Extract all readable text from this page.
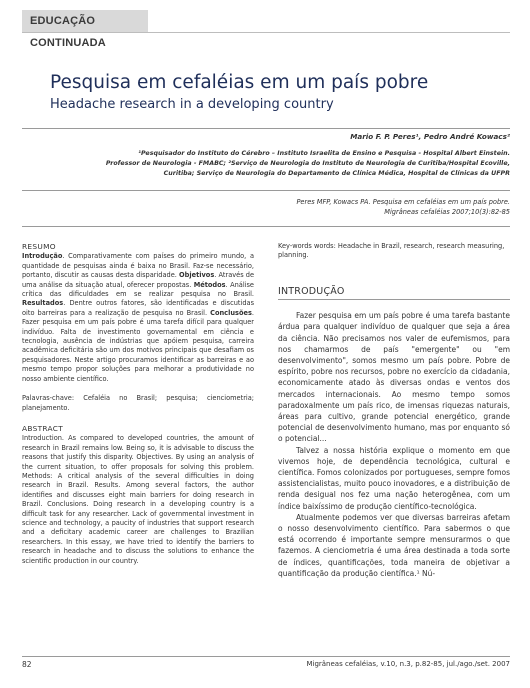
EDUCAÇÃO CONTINUADA
Pesquisa em cefaléias em um país pobre
Headache research in a developing country
Mario F. P. Peres¹, Pedro André Kowacs²
¹Pesquisador do Instituto do Cérebro – Instituto Israelita de Ensino e Pesquisa - Hospital Albert Einstein.
Professor de Neurologia - FMABC; ²Serviço de Neurologia do Instituto de Neurologia de Curitiba/Hospital Ecoville,
Curitiba; Serviço de Neurologia do Departamento de Clínica Médica, Hospital de Clínicas da UFPR
Peres MFP, Kowacs PA. Pesquisa em cefaléias em um país pobre.
Migrâneas cefaléias 2007;10(3):82-85
RESUMO

Introdução. Comparativamente com países do primeiro mundo, a quantidade de pesquisas ainda é baixa no Brasil. Faz-se necessário, portanto, discutir as causas desta disparidade. Objetivos. Através de uma análise da situação atual, oferecer propostas. Métodos. Análise crítica das dificuldades em se realizar pesquisa no Brasil. Resultados. Dentre outros fatores, são identificadas e discutidas oito barreiras para a realização de pesquisa no Brasil. Conclusões. Fazer pesquisa em um país pobre é uma tarefa difícil para qualquer indivíduo. Falta de investimento governamental em ciência e tecnologia, ausência de indústrias que apóiem pesquisa, carreira acadêmica deficitária são um dos motivos principais que desafiam os pesquisadores. Neste artigo procuramos identificar as barreiras e ao mesmo tempo propor soluções para melhorar a produtividade no nosso ambiente científico.

Palavras-chave: Cefaléia no Brasil; pesquisa; cienciometria; planejamento.

ABSTRACT

Introduction. As compared to developed countries, the amount of research in Brazil remains low. Being so, it is advisable to discuss the reasons that justify this disparity. Objectives. By using an analysis of the current situation, to offer proposals for solving this problem. Methods: A critical analysis of the several difficulties in doing research in Brazil. Results. Among several factors, the author identifies and discusses eight main barriers for doing research in Brazil. Conclusions. Doing research in a developing country is a difficult task for any researcher. Lack of governmental investment in science and technology, a paucity of industries that support research and a deficitary academic career are challenges to Brazilian researchers. In this essay, we have tried to identify the barriers to research in headache and to discuss the solutions to enhance the scientific production in our country.

Key-words words: Headache in Brazil, research, research measuring, planning.

INTRODUÇÃO

Fazer pesquisa em um país pobre é uma tarefa bastante árdua para qualquer indivíduo de qualquer que seja a área da ciência. Não precisamos nos valer de eufemismos, para nos chamarmos de país "emergente" ou "em desenvolvimento", somos mesmo um país pobre. Pobre de espírito, pobre nos recursos, pobre no exercício da cidadania, economicamente atado às diversas ondas e ventos dos mercados internacionais. Ao mesmo tempo somos paradoxalmente um país rico, de imensas riquezas naturais, áreas para cultivo, grande potencial energético, grande potencial de desenvolvimento humano, mas por enquanto só o potencial...

Talvez a nossa história explique o momento em que vivemos hoje, de dependência tecnológica, cultural e científica. Fomos colonizados por portugueses, sempre fomos assistencialistas, muito pouco inovadores, e a distribuição de renda desigual nos fez uma nação heterogênea, com um índice baixíssimo de produção científico-tecnológica.

Atualmente podemos ver que diversas barreiras afetam o nosso desenvolvimento científico. Para sabermos o que está ocorrendo é importante sempre mensurarmos o que fazemos. A cienciometria é uma área destinada a toda sorte de índices, quantificações, toda maneira de objetivar a quantificação da produção científica.¹ Nú-

82	Migrâneas cefaléias, v.10, n.3, p.82-85, jul./ago./set. 2007
